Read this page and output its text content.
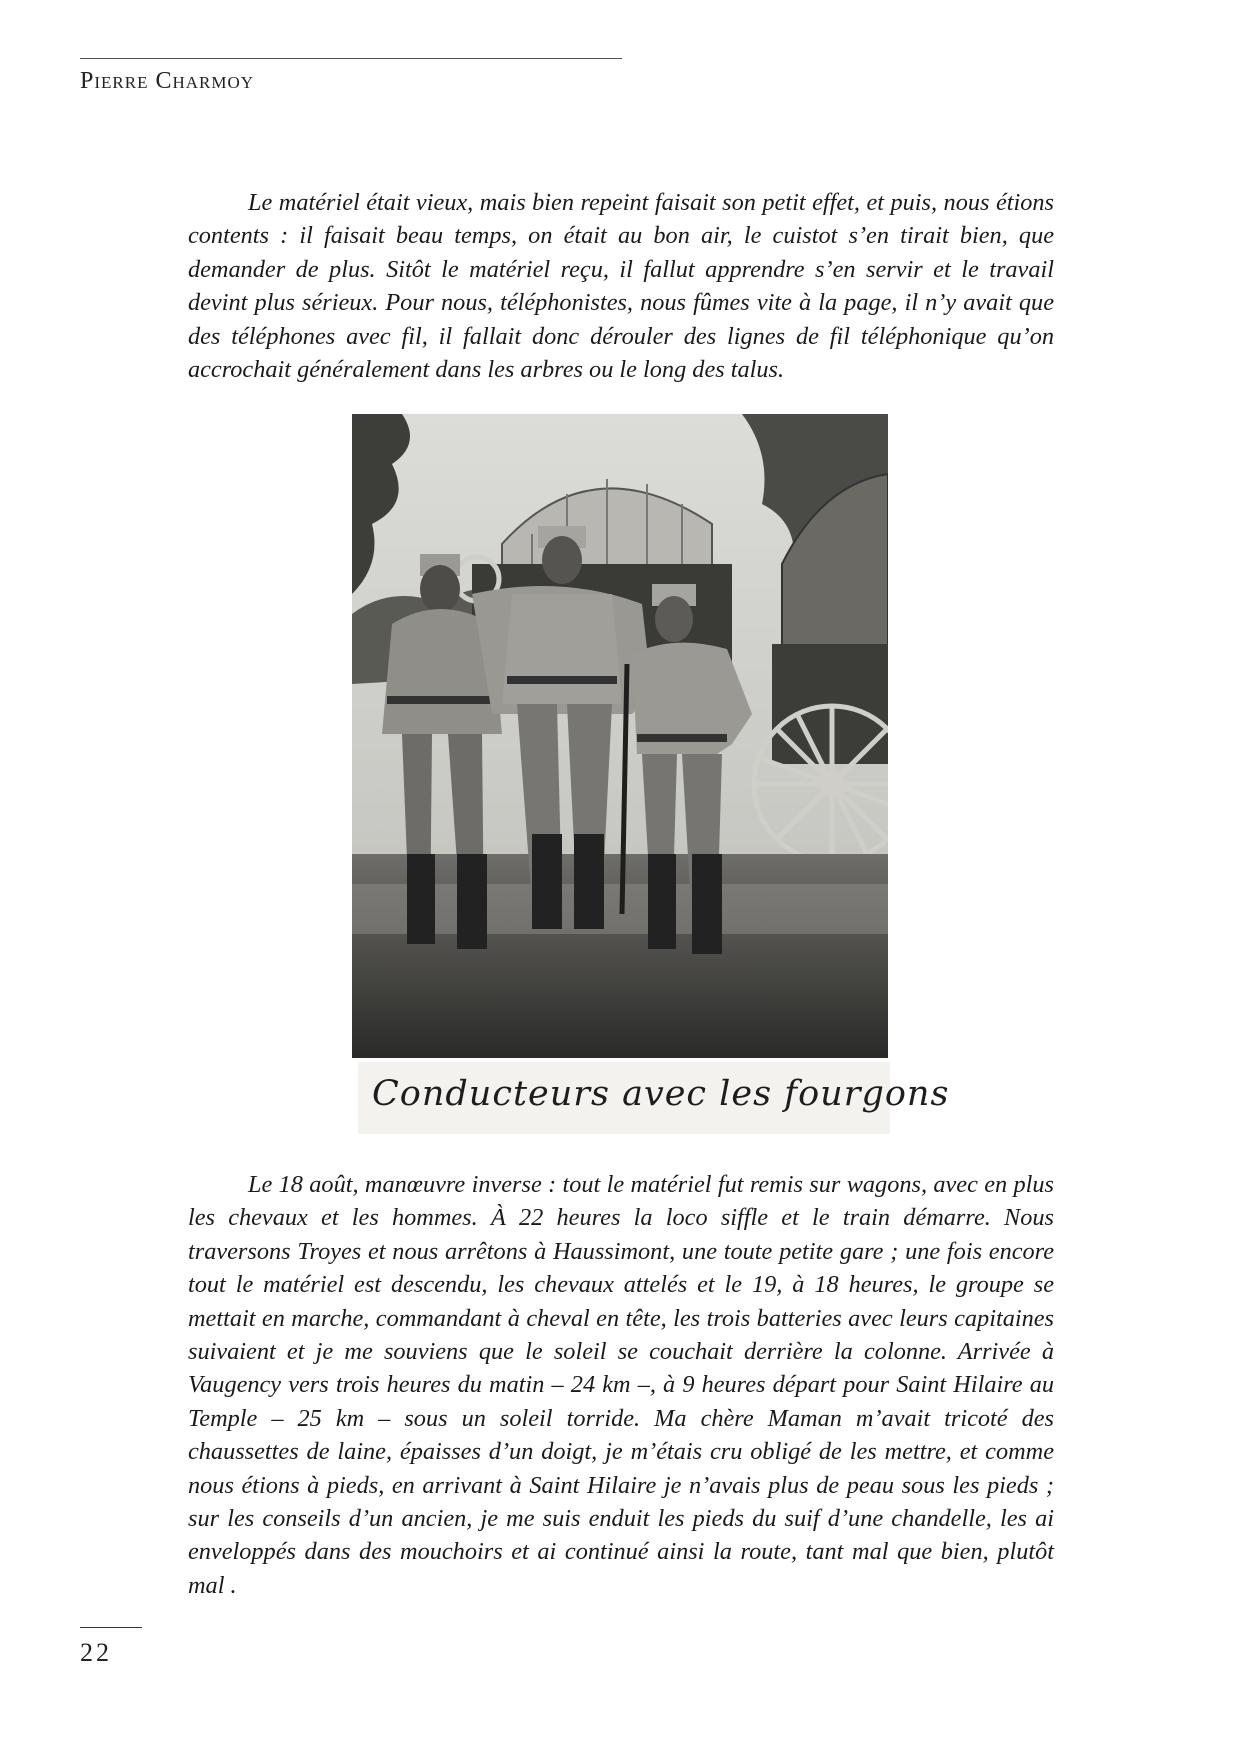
Pierre Charmoy

Le matériel était vieux, mais bien repeint faisait son petit effet, et puis, nous étions contents : il faisait beau temps, on était au bon air, le cuistot s’en tirait bien, que demander de plus. Sitôt le matériel reçu, il fallut apprendre s’en servir et le travail devint plus sérieux. Pour nous, téléphonistes, nous fûmes vite à la page, il n’y avait que des téléphones avec fil, il fallait donc dérouler des lignes de fil téléphonique qu’on accrochait généralement dans les arbres ou le long des talus.

Conducteurs avec les fourgons

Le 18 août, manœuvre inverse : tout le matériel fut remis sur wagons, avec en plus les chevaux et les hommes. À 22 heures la loco siffle et le train démarre. Nous traversons Troyes et nous arrêtons à Haussimont, une toute petite gare ; une fois encore tout le matériel est descendu, les chevaux attelés et le 19, à 18 heures, le groupe se mettait en marche, commandant à cheval en tête, les trois batteries avec leurs capitaines suivaient et je me souviens que le soleil se couchait derrière la colonne. Arrivée à Vaugency vers trois heures du matin – 24 km –, à 9 heures départ pour Saint Hilaire au Temple – 25 km – sous un soleil torride. Ma chère Maman m’avait tricoté des chaussettes de laine, épaisses d’un doigt, je m’étais cru obligé de les mettre, et comme nous étions à pieds, en arrivant à Saint Hilaire je n’avais plus de peau sous les pieds ; sur les conseils d’un ancien, je me suis enduit les pieds du suif d’une chandelle, les ai enveloppés dans des mouchoirs et ai continué ainsi la route, tant mal que bien, plutôt mal .

22
